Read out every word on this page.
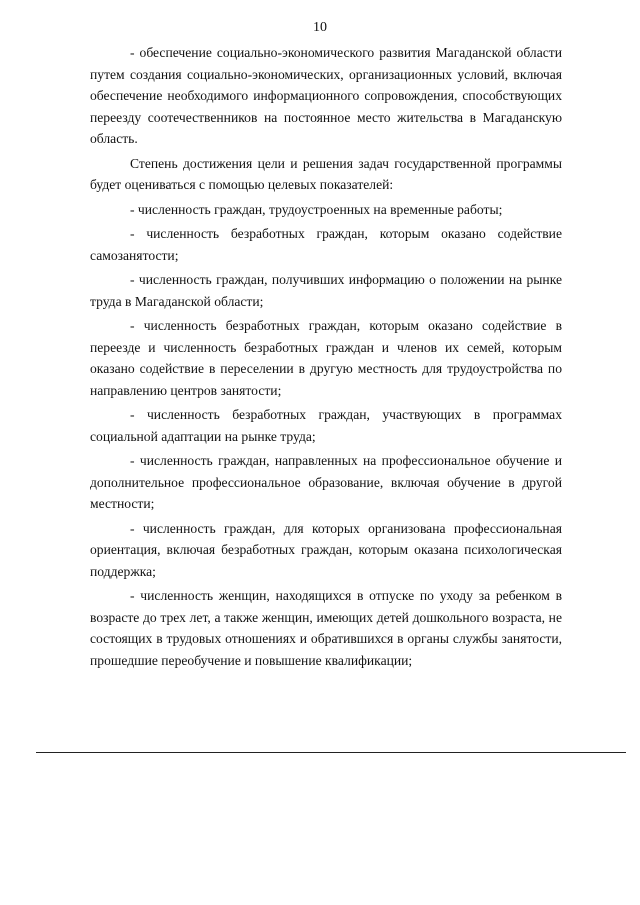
10

- обеспечение социально-экономического развития Магаданской области путем создания социально-экономических, организационных условий, включая обеспечение необходимого информационного сопровождения, способствующих переезду соотечественников на постоянное место жительства в Магаданскую область.

Степень достижения цели и решения задач государственной программы будет оцениваться с помощью целевых показателей:

- численность граждан, трудоустроенных на временные работы;

- численность безработных граждан, которым оказано содействие самозанятости;

- численность граждан, получивших информацию о положении на рынке труда в Магаданской области;

- численность безработных граждан, которым оказано содействие в переезде и численность безработных граждан и членов их семей, которым оказано содействие в переселении в другую местность для трудоустройства по направлению центров занятости;

- численность безработных граждан, участвующих в программах социальной адаптации на рынке труда;

- численность граждан, направленных на профессиональное обучение и дополнительное профессиональное образование, включая обучение в другой местности;

- численность граждан, для которых организована профессиональная ориентация, включая безработных граждан, которым оказана психологическая поддержка;

- численность женщин, находящихся в отпуске по уходу за ребенком в возрасте до трех лет, а также женщин, имеющих детей дошкольного возраста, не состоящих в трудовых отношениях и обратившихся в органы службы занятости, прошедшие переобучение и повышение квалификации;
